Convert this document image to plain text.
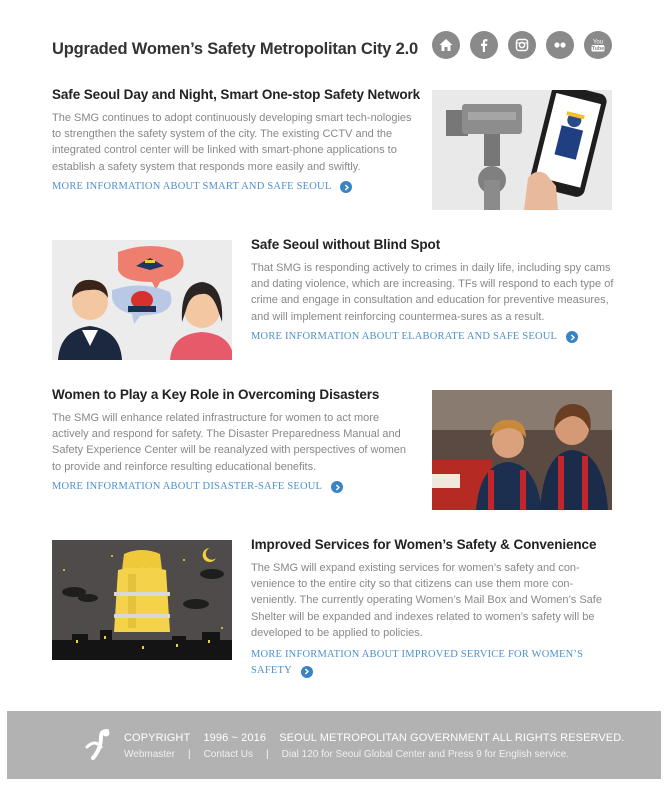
Upgraded Women’s Safety Metropolitan City 2.0	You
Tube
Safe Seoul Day and Night, Smart One-stop Safety Network

The SMG continues to adopt continuously developing smart tech-nologies to strengthen the safety system of the city. The existing CCTV and the integrated control center will be linked with smart-phone applications to establish a safety system that responds more easily and swiftly.

MORE INFORMATION ABOUT SMART AND SAFE SEOUL
Safe Seoul without Blind Spot

That SMG is responding actively to crimes in daily life, including spy cams and dating violence, which are increasing. TFs will respond to each type of crime and engage in consultation and education for preventive measures, and will implement reinforcing countermea-sures as a result.

MORE INFORMATION ABOUT ELABORATE AND SAFE SEOUL
Women to Play a Key Role in Overcoming Disasters

The SMG will enhance related infrastructure for women to act more actively and respond for safety. The Disaster Preparedness Manual and Safety Experience Center will be reanalyzed with perspectives of women to provide and reinforce resulting educational benefits.

MORE INFORMATION ABOUT DISASTER-SAFE SEOUL
Improved Services for Women’s Safety & Convenience

The SMG will expand existing services for women’s safety and con-venience to the entire city so that citizens can use them more con-veniently. The currently operating Women’s Mail Box and Women’s Safe Shelter will be expanded and indexes related to women’s safety will be developed to be applied to policies.

MORE INFORMATION ABOUT IMPROVED SERVICE FOR WOMEN’S SAFETY
COPYRIGHT 1996 ~ 2016 SEOUL METROPOLITAN GOVERNMENT ALL RIGHTS RESERVED.
Webmaster | Contact Us | Dial 120 for Seoul Global Center and Press 9 for English service.
